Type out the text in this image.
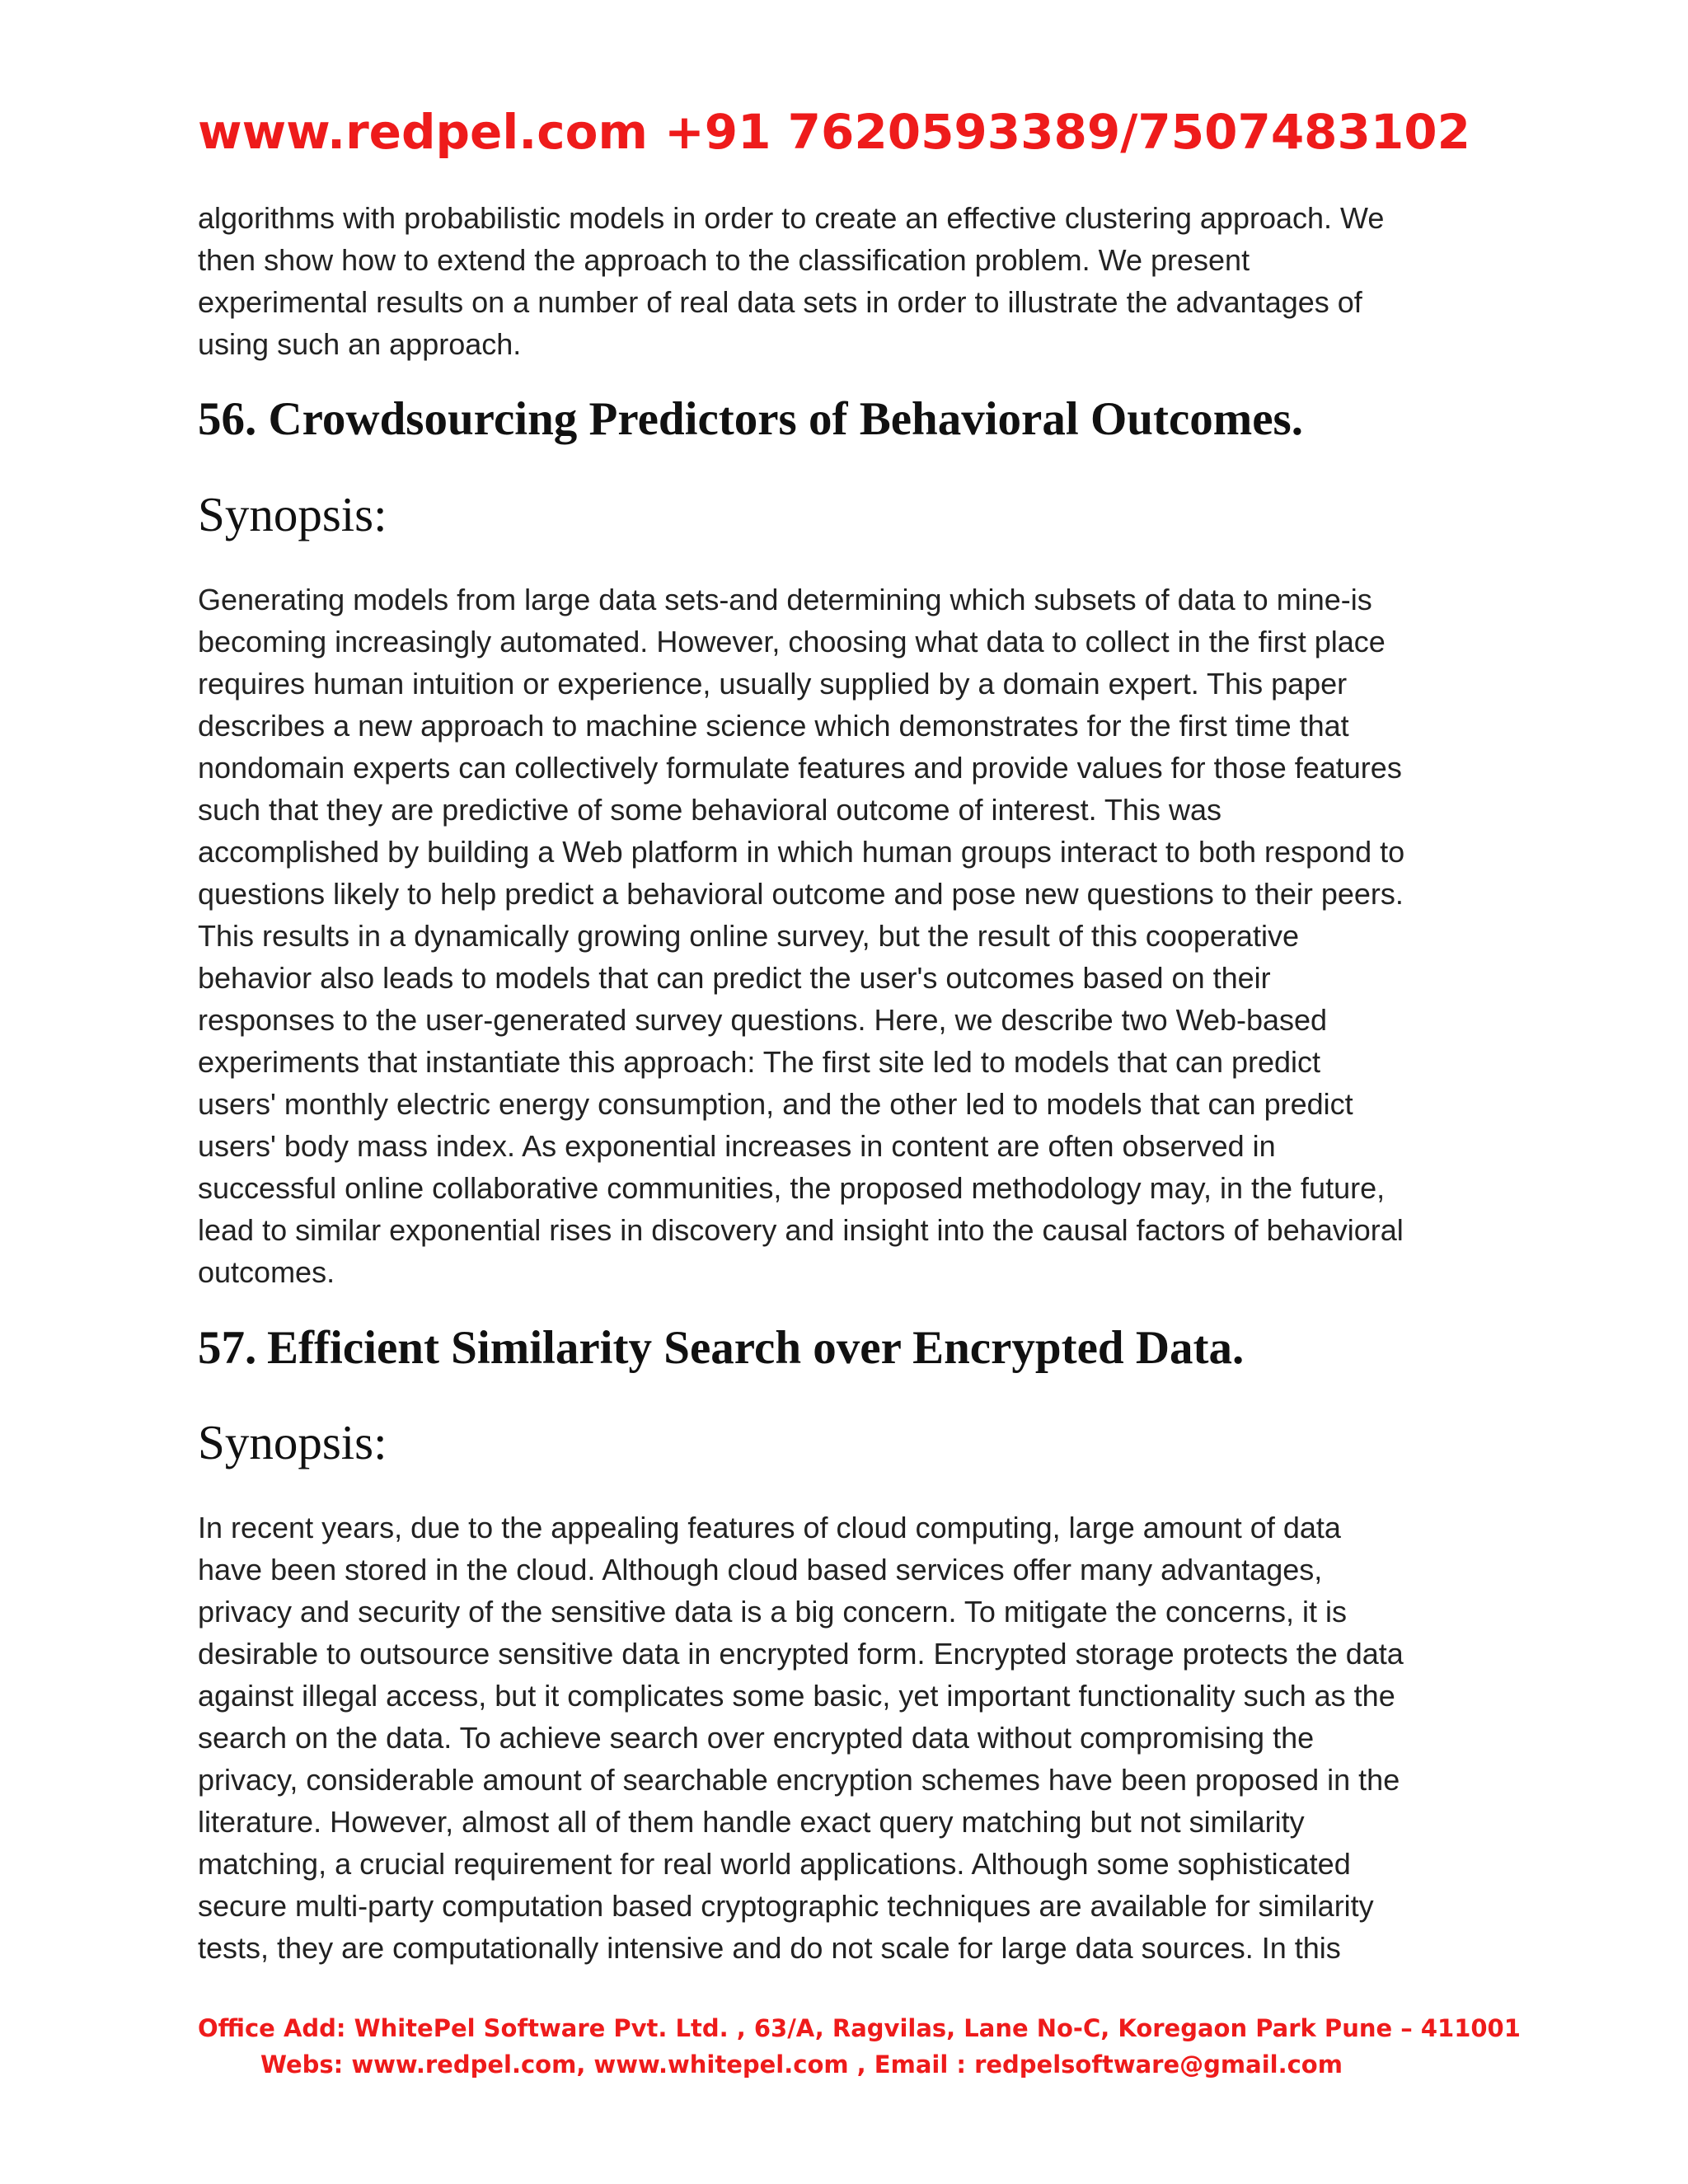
www.redpel.com +91 7620593389/7507483102
algorithms with probabilistic models in order to create an effective clustering approach. We
then show how to extend the approach to the classification problem. We present
experimental results on a number of real data sets in order to illustrate the advantages of
using such an approach.
56. Crowdsourcing Predictors of Behavioral Outcomes.
Synopsis:
Generating models from large data sets-and determining which subsets of data to mine-is
becoming increasingly automated. However, choosing what data to collect in the first place
requires human intuition or experience, usually supplied by a domain expert. This paper
describes a new approach to machine science which demonstrates for the first time that
nondomain experts can collectively formulate features and provide values for those features
such that they are predictive of some behavioral outcome of interest. This was
accomplished by building a Web platform in which human groups interact to both respond to
questions likely to help predict a behavioral outcome and pose new questions to their peers.
This results in a dynamically growing online survey, but the result of this cooperative
behavior also leads to models that can predict the user's outcomes based on their
responses to the user-generated survey questions. Here, we describe two Web-based
experiments that instantiate this approach: The first site led to models that can predict
users' monthly electric energy consumption, and the other led to models that can predict
users' body mass index. As exponential increases in content are often observed in
successful online collaborative communities, the proposed methodology may, in the future,
lead to similar exponential rises in discovery and insight into the causal factors of behavioral
outcomes.
57. Efficient Similarity Search over Encrypted Data.
Synopsis:
In recent years, due to the appealing features of cloud computing, large amount of data
have been stored in the cloud. Although cloud based services offer many advantages,
privacy and security of the sensitive data is a big concern. To mitigate the concerns, it is
desirable to outsource sensitive data in encrypted form. Encrypted storage protects the data
against illegal access, but it complicates some basic, yet important functionality such as the
search on the data. To achieve search over encrypted data without compromising the
privacy, considerable amount of searchable encryption schemes have been proposed in the
literature. However, almost all of them handle exact query matching but not similarity
matching, a crucial requirement for real world applications. Although some sophisticated
secure multi-party computation based cryptographic techniques are available for similarity
tests, they are computationally intensive and do not scale for large data sources. In this
Office Add: WhitePel Software Pvt. Ltd. , 63/A, Ragvilas, Lane No-C, Koregaon Park Pune – 411001
Webs: www.redpel.com, www.whitepel.com , Email : redpelsoftware@gmail.com
